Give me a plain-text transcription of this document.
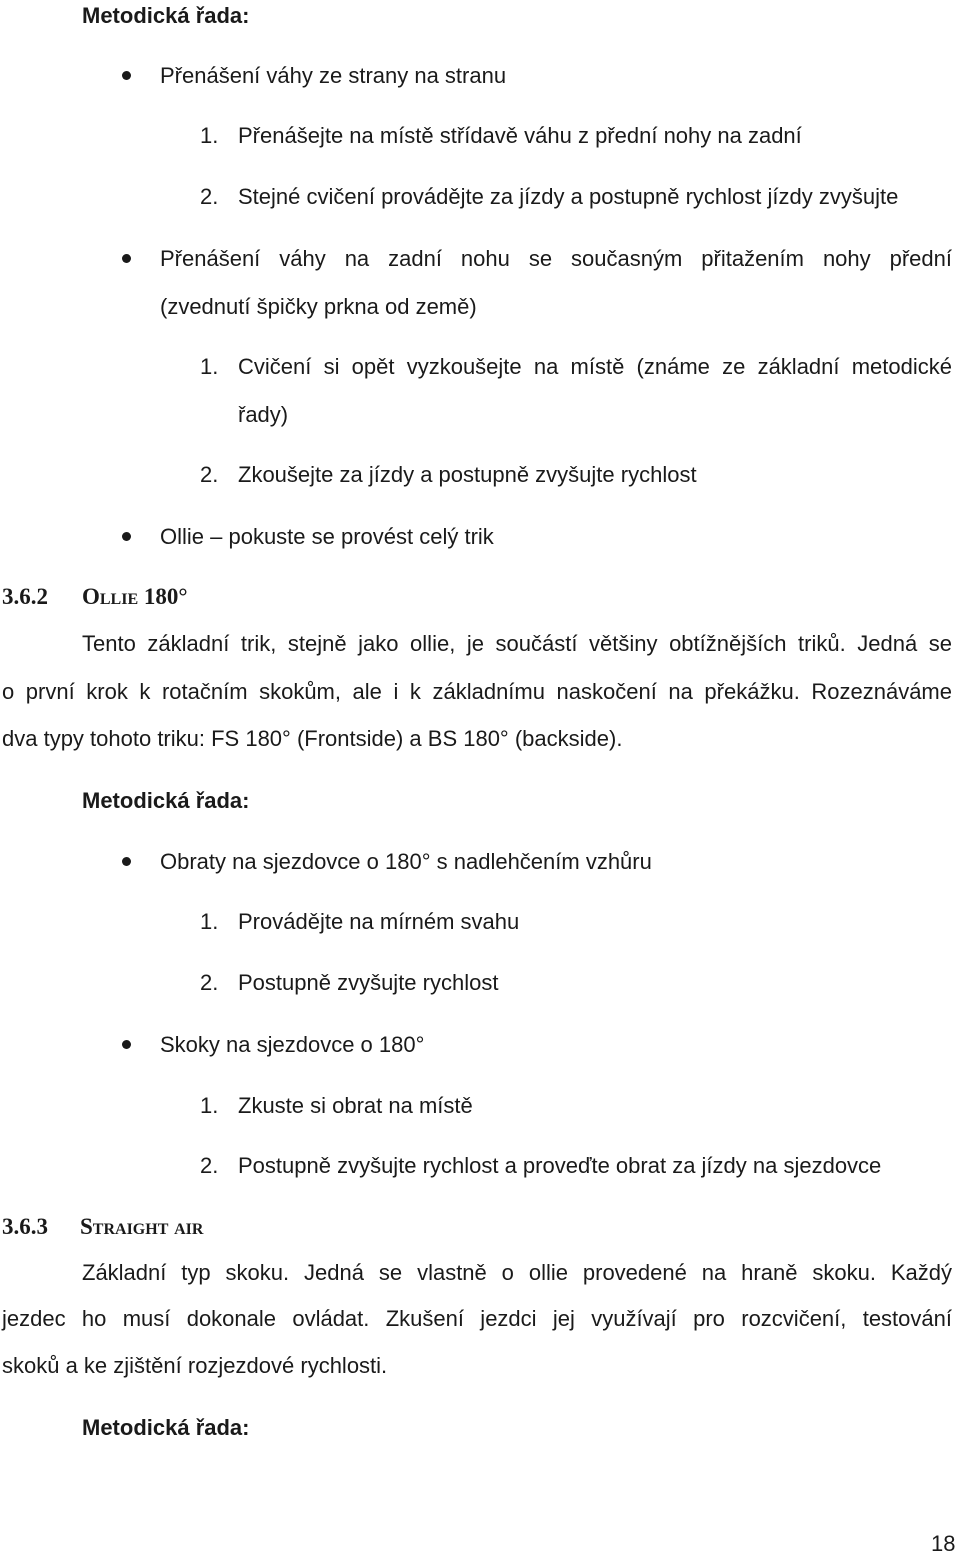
Metodická řada:
Přenášení váhy ze strany na stranu
1. Přenášejte na místě střídavě váhu z přední nohy na zadní
2. Stejné cvičení provádějte za jízdy a postupně rychlost jízdy zvyšujte
Přenášení váhy na zadní nohu se současným přitažením nohy přední
(zvednutí špičky prkna od země)
1. Cvičení si opět vyzkoušejte na místě (známe ze základní metodické
řady)
2. Zkoušejte za jízdy a postupně zvyšujte rychlost
Ollie – pokuste se provést celý trik
3.6.2 Ollie 180°
Tento základní trik, stejně jako ollie, je součástí většiny obtížnějších triků. Jedná se
o první krok k rotačním skokům, ale i k základnímu naskočení na překážku. Rozeznáváme
dva typy tohoto triku: FS 180° (Frontside) a BS 180° (backside).
Metodická řada:
Obraty na sjezdovce o 180° s nadlehčením vzhůru
1. Provádějte na mírném svahu
2. Postupně zvyšujte rychlost
Skoky na sjezdovce o 180°
1. Zkuste si obrat na místě
2. Postupně zvyšujte rychlost a proveďte obrat za jízdy na sjezdovce
3.6.3 Straight air
Základní typ skoku. Jedná se vlastně o ollie provedené na hraně skoku. Každý
jezdec ho musí dokonale ovládat. Zkušení jezdci jej využívají pro rozcvičení, testování
skoků a ke zjištění rozjezdové rychlosti.
Metodická řada:
18
